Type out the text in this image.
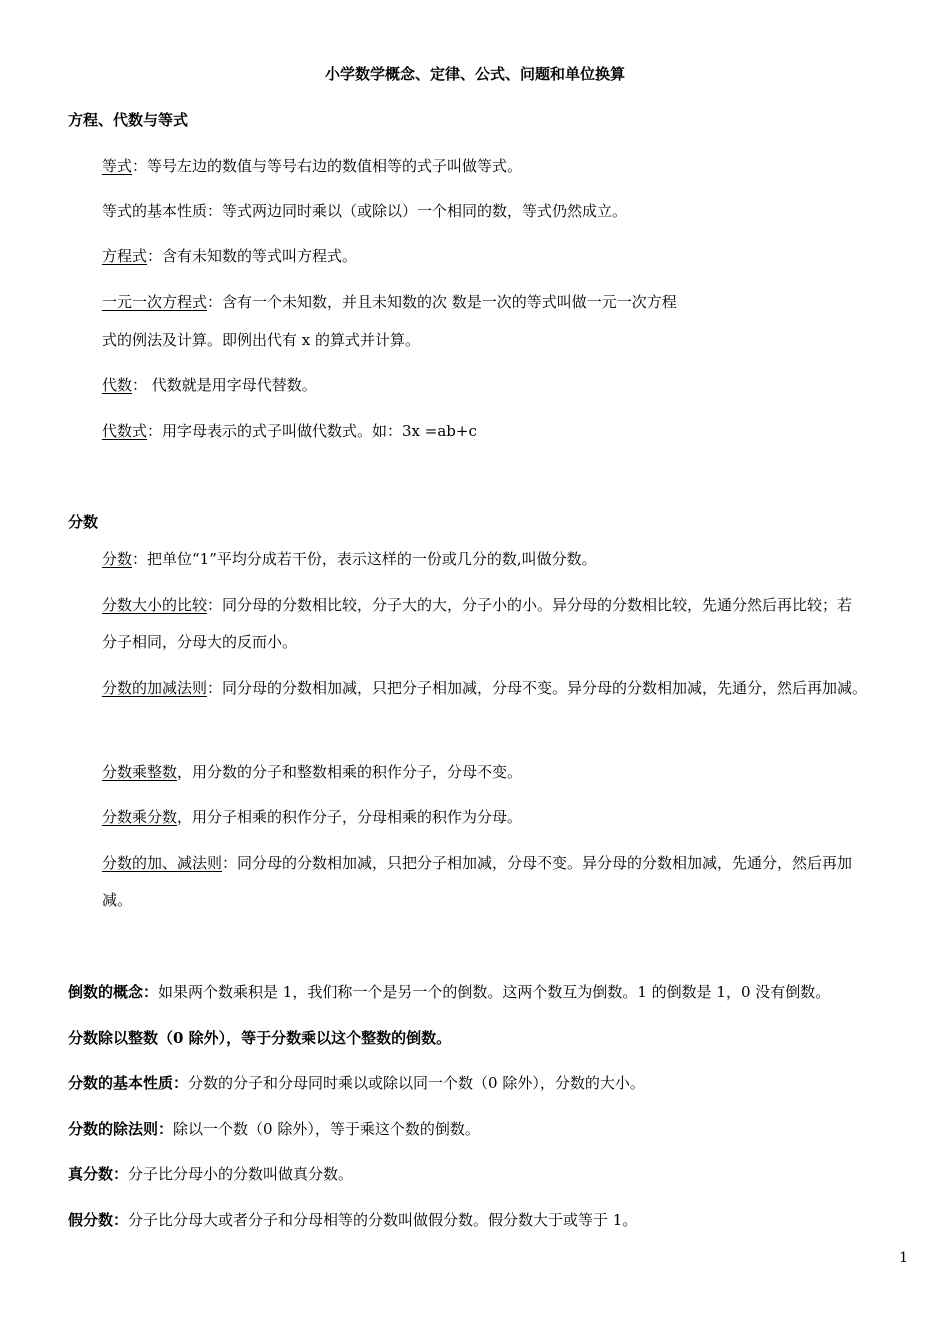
小学数学概念、定律、公式、问题和单位换算
方程、代数与等式
等式：等号左边的数值与等号右边的数值相等的式子叫做等式。
等式的基本性质：等式两边同时乘以（或除以）一个相同的数，等式仍然成立。
方程式：含有未知数的等式叫方程式。
一元一次方程式：含有一个未知数，并且未知数的次 数是一次的等式叫做一元一次方程
式的例法及计算。即例出代有 x 的算式并计算。
代数： 代数就是用字母代替数。
代数式：用字母表示的式子叫做代数式。如：3x =ab+c
分数
分数：把单位“1”平均分成若干份，表示这样的一份或几分的数,叫做分数。
分数大小的比较：同分母的分数相比较，分子大的大，分子小的小。异分母的分数相比较，先通分然后再比较；若
分子相同，分母大的反而小。
分数的加减法则：同分母的分数相加减，只把分子相加减，分母不变。异分母的分数相加减，先通分，然后再加减。
分数乘整数，用分数的分子和整数相乘的积作分子，分母不变。
分数乘分数，用分子相乘的积作分子，分母相乘的积作为分母。
分数的加、减法则：同分母的分数相加减，只把分子相加减，分母不变。异分母的分数相加减，先通分，然后再加
减。
倒数的概念：如果两个数乘积是 1，我们称一个是另一个的倒数。这两个数互为倒数。1 的倒数是 1，0 没有倒数。
分数除以整数（0 除外），等于分数乘以这个整数的倒数。
分数的基本性质：分数的分子和分母同时乘以或除以同一个数（0 除外），分数的大小。
分数的除法则：除以一个数（0 除外），等于乘这个数的倒数。
真分数：分子比分母小的分数叫做真分数。
假分数：分子比分母大或者分子和分母相等的分数叫做假分数。假分数大于或等于 1。
1
